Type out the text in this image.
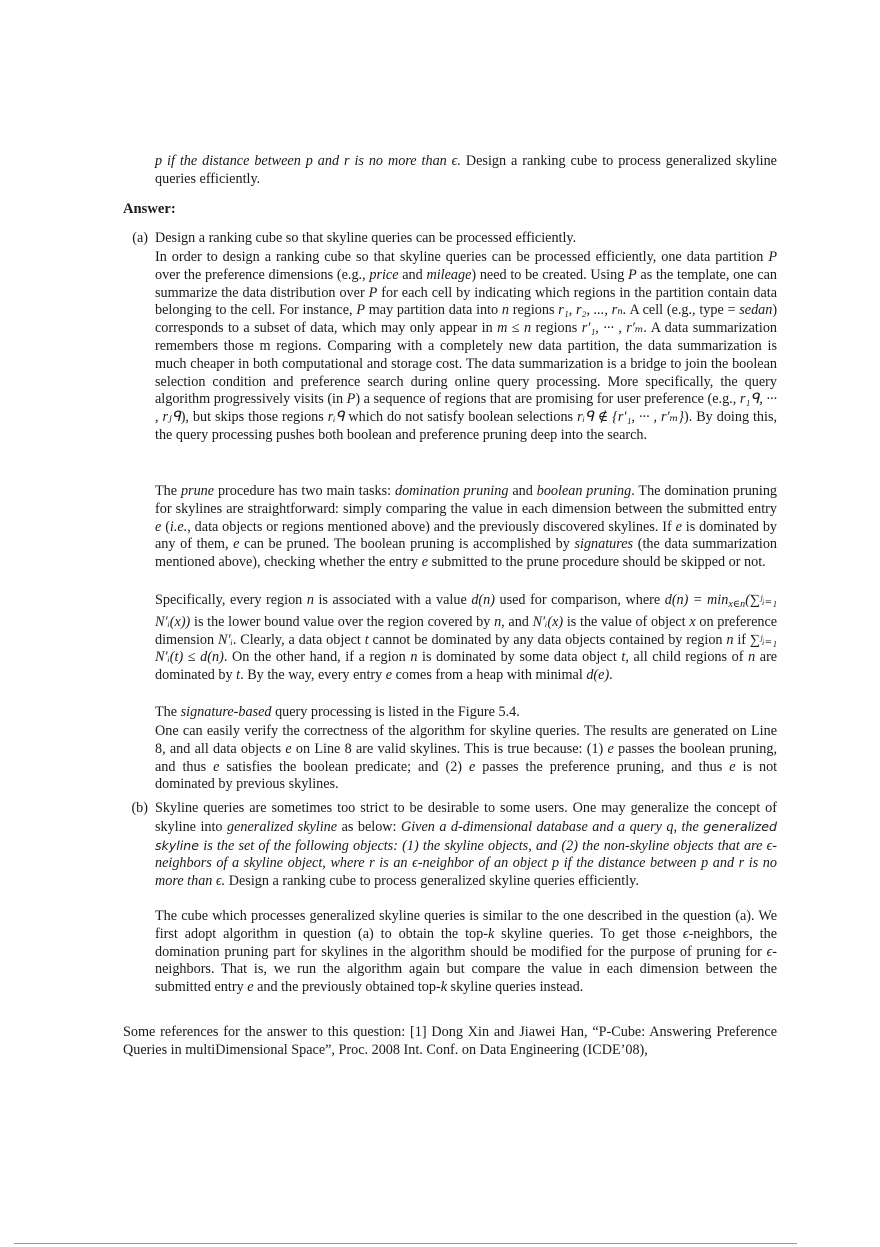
p if the distance between p and r is no more than ϵ. Design a ranking cube to process generalized skyline queries efficiently.

Answer:
(a) Design a ranking cube so that skyline queries can be processed efficiently.

In order to design a ranking cube so that skyline queries can be processed efficiently, one data partition P over the preference dimensions (e.g., price and mileage) need to be created. Using P as the template, one can summarize the data distribution over P for each cell by indicating which regions in the partition contain data belonging to the cell. For instance, P may partition data into n regions r₁, r₂, ..., rₙ. A cell (e.g., type = sedan) corresponds to a subset of data, which may only appear in m ≤ n regions r′₁, ··· , r′ₘ. A data summarization remembers those m regions. Comparing with a completely new data partition, the data summarization is much cheaper in both computational and storage cost. The data summarization is a bridge to join the boolean selection condition and preference search during online query processing. More specifically, the query algorithm progressively visits (in P) a sequence of regions that are promising for user preference (e.g., r₁ᑫ, ··· , rⱼᑫ), but skips those regions rᵢᑫ which do not satisfy boolean selections rᵢᑫ ∉ {r′₁, ··· , r′ₘ}). By doing this, the query processing pushes both boolean and preference pruning deep into the search.

The prune procedure has two main tasks: domination pruning and boolean pruning. The domination pruning for skylines are straightforward: simply comparing the value in each dimension between the submitted entry e (i.e., data objects or regions mentioned above) and the previously discovered skylines. If e is dominated by any of them, e can be pruned. The boolean pruning is accomplished by signatures (the data summarization mentioned above), checking whether the entry e submitted to the prune procedure should be skipped or not.

Specifically, every region n is associated with a value d(n) used for comparison, where $d(n) = \min_{x\in n}(\sum ʲᵢ_{=1}$ N′ᵢ(x)) is the lower bound value over the region covered by n, and N′ᵢ(x) is the value of object x on preference dimension N′ᵢ. Clearly, a data object t cannot be dominated by any data objects contained by region n if ∑ʲᵢ₌₁ N′ᵢ(t) ≤ d(n). On the other hand, if a region n is dominated by some data object t, all child regions of n are dominated by t. By the way, every entry e comes from a heap with minimal d(e).

The signature-based query processing is listed in the Figure 5.4.

One can easily verify the correctness of the algorithm for skyline queries. The results are generated on Line 8, and all data objects e on Line 8 are valid skylines. This is true because: (1) e passes the boolean pruning, and thus e satisfies the boolean predicate; and (2) e passes the preference pruning, and thus e is not dominated by previous skylines.

(b) Skyline queries are sometimes too strict to be desirable to some users. One may generalize the concept of skyline into generalized skyline as below: Given a d-dimensional database and a query q, the generalized skyline is the set of the following objects: (1) the skyline objects, and (2) the non-skyline objects that are ϵ-neighbors of a skyline object, where r is an ϵ-neighbor of an object p if the distance between p and r is no more than ϵ. Design a ranking cube to process generalized skyline queries efficiently.

The cube which processes generalized skyline queries is similar to the one described in the question (a). We first adopt algorithm in question (a) to obtain the top-k skyline queries. To get those ϵ-neighbors, the domination pruning part for skylines in the algorithm should be modified for the purpose of pruning for ϵ-neighbors. That is, we run the algorithm again but compare the value in each dimension between the submitted entry e and the previously obtained top-k skyline queries instead.

Some references for the answer to this question: [1] Dong Xin and Jiawei Han, “P-Cube: Answering Preference Queries in multiDimensional Space”, Proc. 2008 Int. Conf. on Data Engineering (ICDE’08),
